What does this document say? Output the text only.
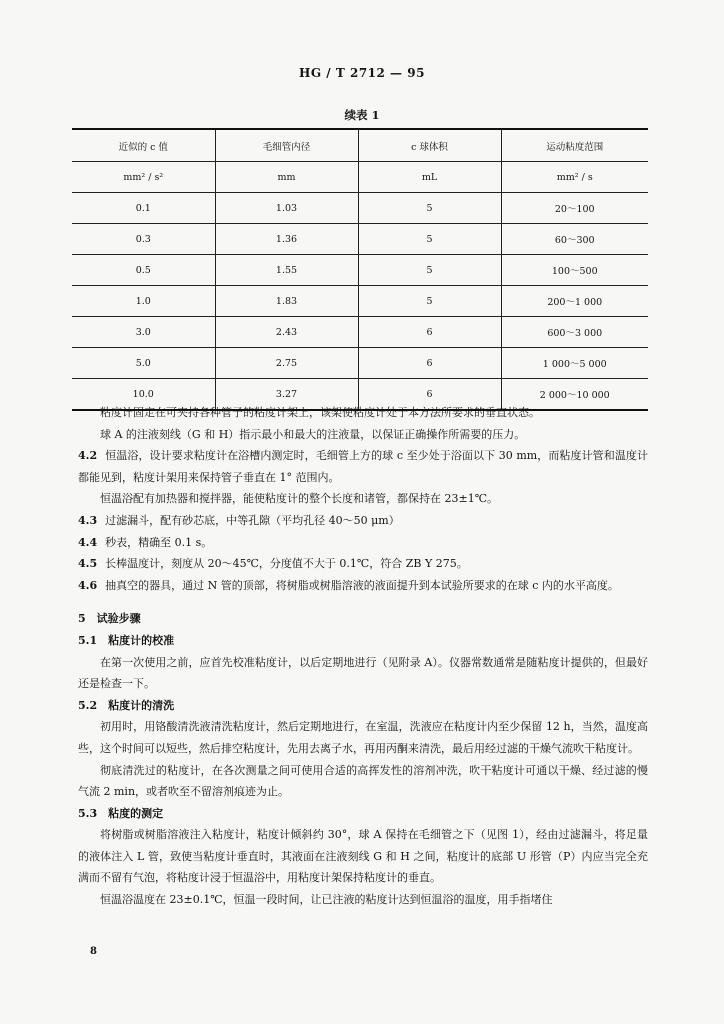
HG / T 2712 — 95
续表 1
近似的 c 值	毛细管内径	c 球体积	运动粘度范围
mm² / s²	mm	mL	mm² / s
0.1	1.03	5	20～100
0.3	1.36	5	60～300
0.5	1.55	5	100～500
1.0	1.83	5	200～1 000
3.0	2.43	6	600～3 000
5.0	2.75	6	1 000～5 000
10.0	3.27	6	2 000～10 000

粘度计固定在可夹持各种管子的粘度计架上，该架使粘度计处于本方法所要求的垂直状态。

球 A 的注液刻线（G 和 H）指示最小和最大的注液量，以保证正确操作所需要的压力。

4.2 恒温浴，设计要求粘度计在浴槽内测定时，毛细管上方的球 c 至少处于浴面以下 30 mm，而粘度计管和温度计都能见到，粘度计架用来保持管子垂直在 1° 范围内。

恒温浴配有加热器和搅拌器，能使粘度计的整个长度和诸管，都保持在 23±1℃。

4.3 过滤漏斗，配有砂芯底，中等孔隙（平均孔径 40～50 μm）

4.4 秒表，精确至 0.1 s。

4.5 长棒温度计，刻度从 20～45℃，分度值不大于 0.1℃，符合 ZB Y 275。

4.6 抽真空的器具，通过 N 管的顶部，将树脂或树脂溶液的液面提升到本试验所要求的在球 c 内的水平高度。

5　试验步骤

5.1　粘度计的校准

在第一次使用之前，应首先校准粘度计，以后定期地进行（见附录 A）。仪器常数通常是随粘度计提供的，但最好还是检查一下。

5.2　粘度计的清洗

初用时，用铬酸清洗液清洗粘度计，然后定期地进行，在室温，洗液应在粘度计内至少保留 12 h，当然，温度高些，这个时间可以短些，然后排空粘度计，先用去离子水，再用丙酮来清洗，最后用经过滤的干燥气流吹干粘度计。

彻底清洗过的粘度计，在各次测量之间可使用合适的高挥发性的溶剂冲洗，吹干粘度计可通以干燥、经过滤的慢气流 2 min，或者吹至不留溶剂痕迹为止。

5.3　粘度的测定

将树脂或树脂溶液注入粘度计，粘度计倾斜约 30°，球 A 保持在毛细管之下（见图 1），经由过滤漏斗，将足量的液体注入 L 管，致使当粘度计垂直时，其液面在注液刻线 G 和 H 之间，粘度计的底部 U 形管（P）内应当完全充满而不留有气泡，将粘度计浸于恒温浴中，用粘度计架保持粘度计的垂直。

恒温浴温度在 23±0.1℃，恒温一段时间，让已注液的粘度计达到恒温浴的温度，用手指堵住

8
